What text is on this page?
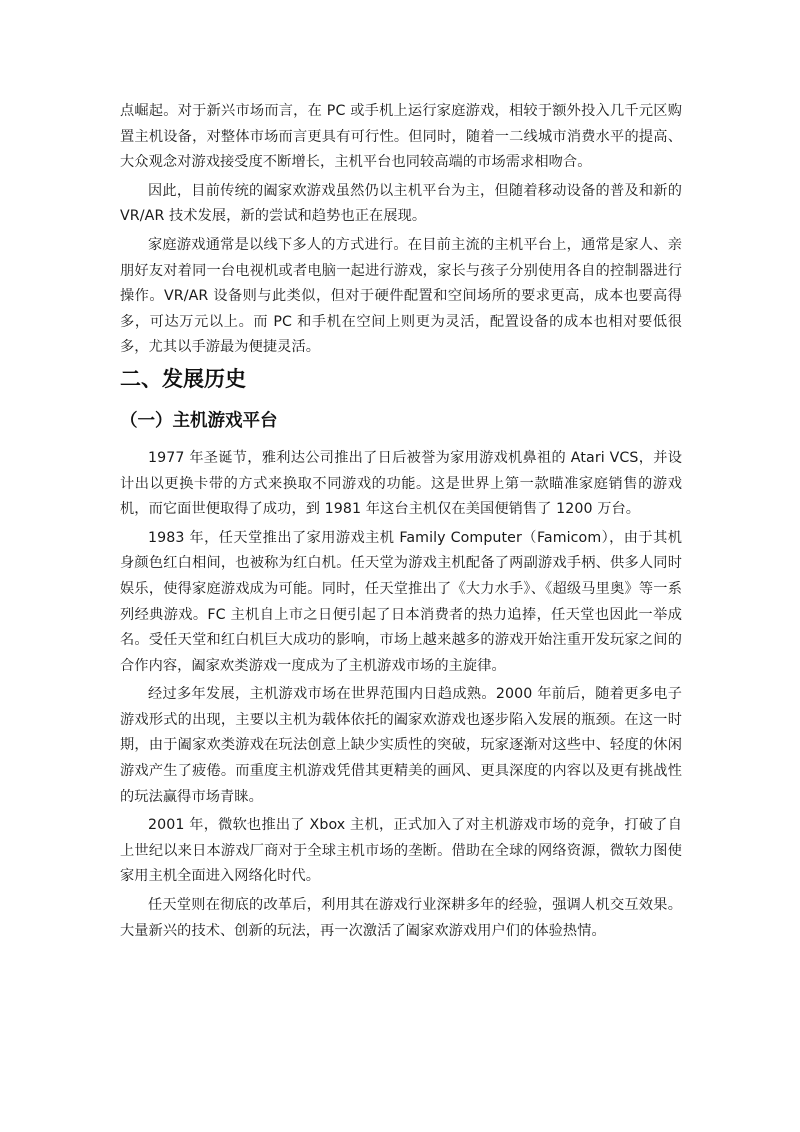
点崛起。对于新兴市场而言，在 PC 或手机上运行家庭游戏，相较于额外投入几千元区购置主机设备，对整体市场而言更具有可行性。但同时，随着一二线城市消费水平的提高、大众观念对游戏接受度不断增长，主机平台也同较高端的市场需求相吻合。

因此，目前传统的阖家欢游戏虽然仍以主机平台为主，但随着移动设备的普及和新的 VR/AR 技术发展，新的尝试和趋势也正在展现。

家庭游戏通常是以线下多人的方式进行。在目前主流的主机平台上，通常是家人、亲朋好友对着同一台电视机或者电脑一起进行游戏，家长与孩子分别使用各自的控制器进行操作。VR/AR 设备则与此类似，但对于硬件配置和空间场所的要求更高，成本也要高得多，可达万元以上。而 PC 和手机在空间上则更为灵活，配置设备的成本也相对要低很多，尤其以手游最为便捷灵活。

二、发展历史
（一）主机游戏平台

1977 年圣诞节，雅利达公司推出了日后被誉为家用游戏机鼻祖的 Atari VCS，并设计出以更换卡带的方式来换取不同游戏的功能。这是世界上第一款瞄准家庭销售的游戏机，而它面世便取得了成功，到 1981 年这台主机仅在美国便销售了 1200 万台。

1983 年，任天堂推出了家用游戏主机 Family Computer（Famicom），由于其机身颜色红白相间，也被称为红白机。任天堂为游戏主机配备了两副游戏手柄、供多人同时娱乐，使得家庭游戏成为可能。同时，任天堂推出了《大力水手》、《超级马里奥》等一系列经典游戏。FC 主机自上市之日便引起了日本消费者的热力追捧，任天堂也因此一举成名。受任天堂和红白机巨大成功的影响，市场上越来越多的游戏开始注重开发玩家之间的合作内容，阖家欢类游戏一度成为了主机游戏市场的主旋律。

经过多年发展，主机游戏市场在世界范围内日趋成熟。2000 年前后，随着更多电子游戏形式的出现，主要以主机为载体依托的阖家欢游戏也逐步陷入发展的瓶颈。在这一时期，由于阖家欢类游戏在玩法创意上缺少实质性的突破，玩家逐渐对这些中、轻度的休闲游戏产生了疲倦。而重度主机游戏凭借其更精美的画风、更具深度的内容以及更有挑战性的玩法赢得市场青睐。

2001 年，微软也推出了 Xbox 主机，正式加入了对主机游戏市场的竞争，打破了自上世纪以来日本游戏厂商对于全球主机市场的垄断。借助在全球的网络资源，微软力图使家用主机全面进入网络化时代。

任天堂则在彻底的改革后，利用其在游戏行业深耕多年的经验，强调人机交互效果。大量新兴的技术、创新的玩法，再一次激活了阖家欢游戏用户们的体验热情。
